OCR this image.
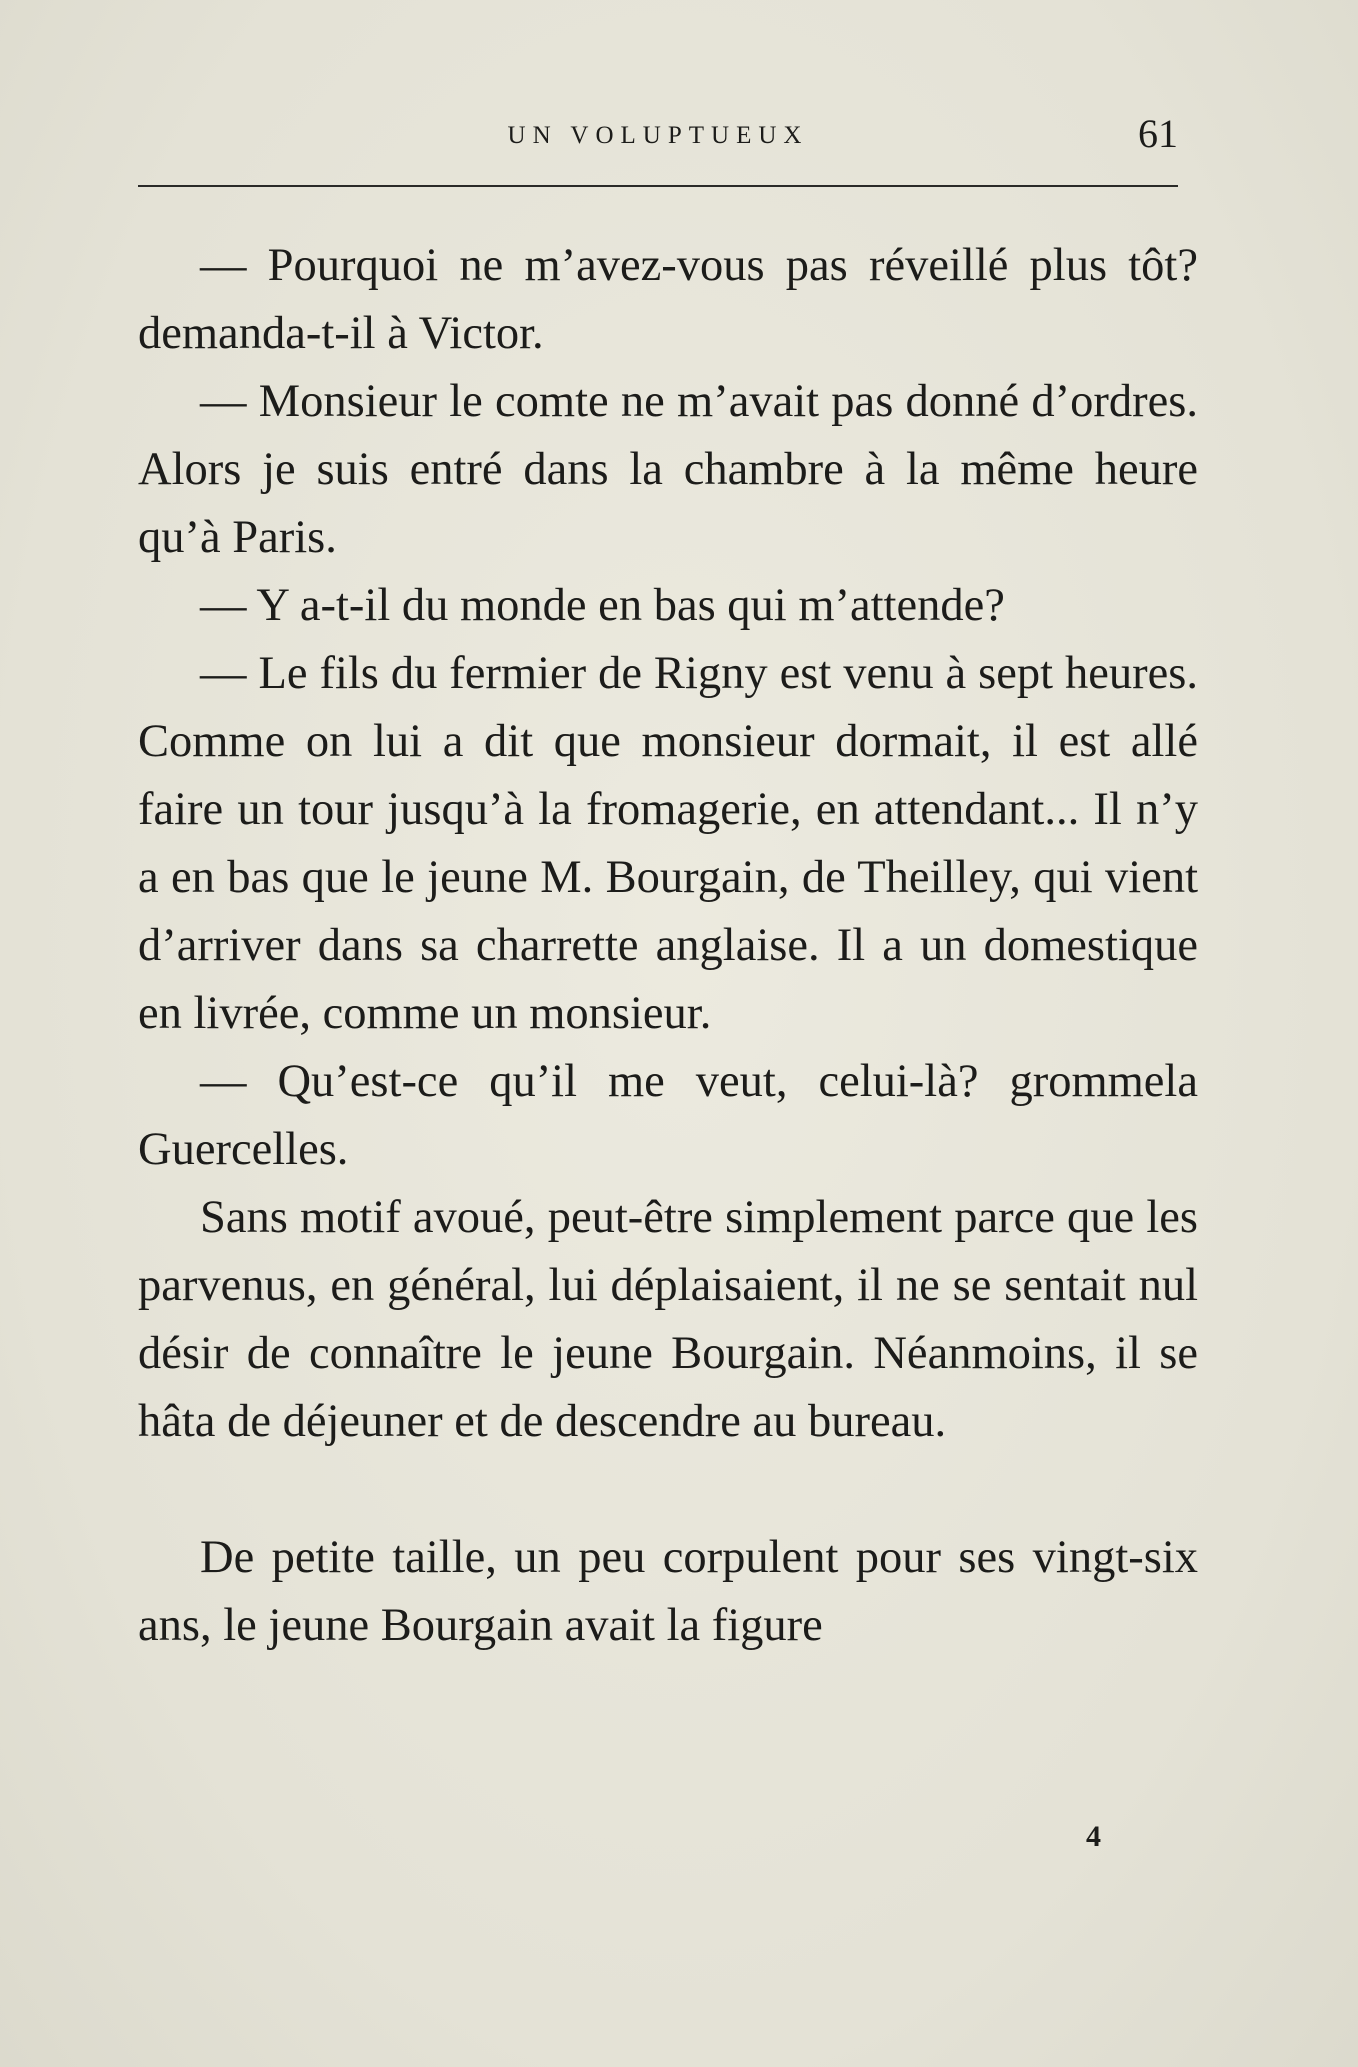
UN VOLUPTUEUX	61

— Pourquoi ne m’avez-vous pas réveillé plus tôt? demanda-t-il à Victor.

— Monsieur le comte ne m’avait pas donné d’ordres. Alors je suis entré dans la chambre à la même heure qu’à Paris.

— Y a-t-il du monde en bas qui m’attende?

— Le fils du fermier de Rigny est venu à sept heures. Comme on lui a dit que monsieur dormait, il est allé faire un tour jusqu’à la fromagerie, en attendant... Il n’y a en bas que le jeune M. Bourgain, de Theilley, qui vient d’arriver dans sa charrette anglaise. Il a un domestique en livrée, comme un monsieur.

— Qu’est-ce qu’il me veut, celui-là? grommela Guercelles.

Sans motif avoué, peut-être simplement parce que les parvenus, en général, lui déplaisaient, il ne se sentait nul désir de connaître le jeune Bourgain. Néanmoins, il se hâta de déjeuner et de descendre au bureau.

De petite taille, un peu corpulent pour ses vingt-six ans, le jeune Bourgain avait la figure

4
